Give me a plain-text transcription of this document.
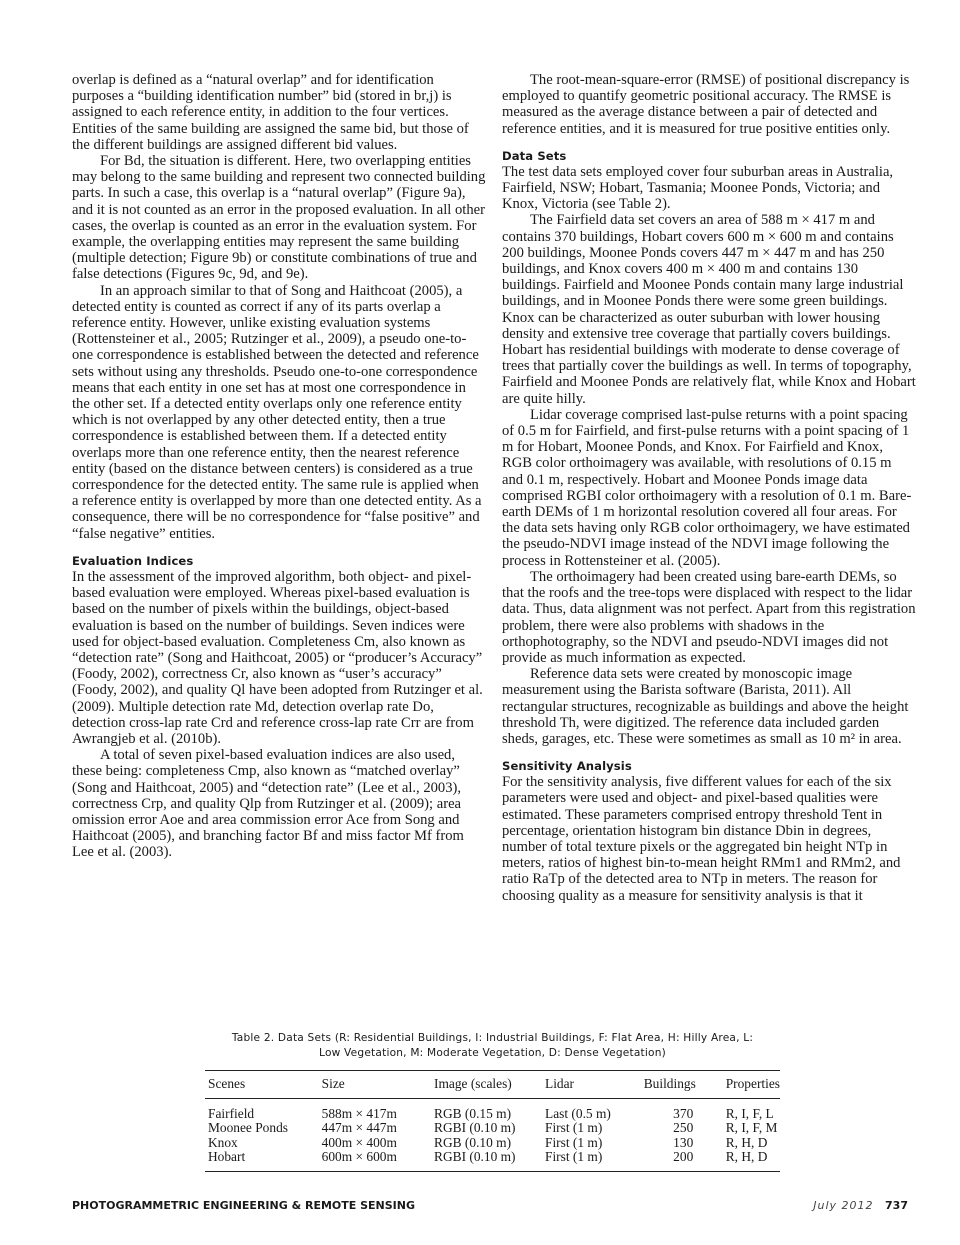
overlap is defined as a “natural overlap” and for identification purposes a “building identification number” bid (stored in br,j) is assigned to each reference entity, in addition to the four vertices. Entities of the same building are assigned the same bid, but those of the different buildings are assigned different bid values.

For Bd, the situation is different. Here, two overlapping entities may belong to the same building and represent two connected building parts. In such a case, this overlap is a “natural overlap” (Figure 9a), and it is not counted as an error in the proposed evaluation. In all other cases, the overlap is counted as an error in the evaluation system. For example, the overlapping entities may represent the same building (multiple detection; Figure 9b) or constitute combinations of true and false detections (Figures 9c, 9d, and 9e).

In an approach similar to that of Song and Haithcoat (2005), a detected entity is counted as correct if any of its parts overlap a reference entity. However, unlike existing evaluation systems (Rottensteiner et al., 2005; Rutzinger et al., 2009), a pseudo one-to-one correspondence is established between the detected and reference sets without using any thresholds. Pseudo one-to-one correspondence means that each entity in one set has at most one correspondence in the other set. If a detected entity overlaps only one reference entity which is not overlapped by any other detected entity, then a true correspondence is established between them. If a detected entity overlaps more than one reference entity, then the nearest reference entity (based on the distance between centers) is considered as a true correspondence for the detected entity. The same rule is applied when a reference entity is overlapped by more than one detected entity. As a consequence, there will be no correspondence for “false positive” and “false negative” entities.

Evaluation Indices

In the assessment of the improved algorithm, both object- and pixel-based evaluation were employed. Whereas pixel-based evaluation is based on the number of pixels within the buildings, object-based evaluation is based on the number of buildings. Seven indices were used for object-based evaluation. Completeness Cm, also known as “detection rate” (Song and Haithcoat, 2005) or “producer’s Accuracy” (Foody, 2002), correctness Cr, also known as “user’s accuracy” (Foody, 2002), and quality Ql have been adopted from Rutzinger et al. (2009). Multiple detection rate Md, detection overlap rate Do, detection cross-lap rate Crd and reference cross-lap rate Crr are from Awrangjeb et al. (2010b).

A total of seven pixel-based evaluation indices are also used, these being: completeness Cmp, also known as “matched overlay” (Song and Haithcoat, 2005) and “detection rate” (Lee et al., 2003), correctness Crp, and quality Qlp from Rutzinger et al. (2009); area omission error Aoe and area commission error Ace from Song and Haithcoat (2005), and branching factor Bf and miss factor Mf from Lee et al. (2003).

The root-mean-square-error (RMSE) of positional discrepancy is employed to quantify geometric positional accuracy. The RMSE is measured as the average distance between a pair of detected and reference entities, and it is measured for true positive entities only.

Data Sets

The test data sets employed cover four suburban areas in Australia, Fairfield, NSW; Hobart, Tasmania; Moonee Ponds, Victoria; and Knox, Victoria (see Table 2).

The Fairfield data set covers an area of 588 m × 417 m and contains 370 buildings, Hobart covers 600 m × 600 m and contains 200 buildings, Moonee Ponds covers 447 m × 447 m and has 250 buildings, and Knox covers 400 m × 400 m and contains 130 buildings. Fairfield and Moonee Ponds contain many large industrial buildings, and in Moonee Ponds there were some green buildings. Knox can be characterized as outer suburban with lower housing density and extensive tree coverage that partially covers buildings. Hobart has residential buildings with moderate to dense coverage of trees that partially cover the buildings as well. In terms of topography, Fairfield and Moonee Ponds are relatively flat, while Knox and Hobart are quite hilly.

Lidar coverage comprised last-pulse returns with a point spacing of 0.5 m for Fairfield, and first-pulse returns with a point spacing of 1 m for Hobart, Moonee Ponds, and Knox. For Fairfield and Knox, RGB color orthoimagery was available, with resolutions of 0.15 m and 0.1 m, respectively. Hobart and Moonee Ponds image data comprised RGBI color orthoimagery with a resolution of 0.1 m. Bare-earth DEMs of 1 m horizontal resolution covered all four areas. For the data sets having only RGB color orthoimagery, we have estimated the pseudo-NDVI image instead of the NDVI image following the process in Rottensteiner et al. (2005).

The orthoimagery had been created using bare-earth DEMs, so that the roofs and the tree-tops were displaced with respect to the lidar data. Thus, data alignment was not perfect. Apart from this registration problem, there were also problems with shadows in the orthophotography, so the NDVI and pseudo-NDVI images did not provide as much information as expected.

Reference data sets were created by monoscopic image measurement using the Barista software (Barista, 2011). All rectangular structures, recognizable as buildings and above the height threshold Th, were digitized. The reference data included garden sheds, garages, etc. These were sometimes as small as 10 m² in area.

Sensitivity Analysis

For the sensitivity analysis, five different values for each of the six parameters were used and object- and pixel-based qualities were estimated. These parameters comprised entropy threshold Tent in percentage, orientation histogram bin distance Dbin in degrees, number of total texture pixels or the aggregated bin height NTp in meters, ratios of highest bin-to-mean height RMm1 and RMm2, and ratio RaTp of the detected area to NTp in meters. The reason for choosing quality as a measure for sensitivity analysis is that it

Table 2. Data Sets (R: Residential Buildings, I: Industrial Buildings, F: Flat Area, H: Hilly Area, L:
Low Vegetation, M: Moderate Vegetation, D: Dense Vegetation)
Scenes	Size	Image (scales)	Lidar	Buildings	Properties
Fairfield	588m × 417m	RGB (0.15 m)	Last (0.5 m)	370	R, I, F, L
Moonee Ponds	447m × 447m	RGBI (0.10 m)	First (1 m)	250	R, I, F, M
Knox	400m × 400m	RGB (0.10 m)	First (1 m)	130	R, H, D
Hobart	600m × 600m	RGBI (0.10 m)	First (1 m)	200	R, H, D
PHOTOGRAMMETRIC ENGINEERING & REMOTE SENSING	July 2012 737
